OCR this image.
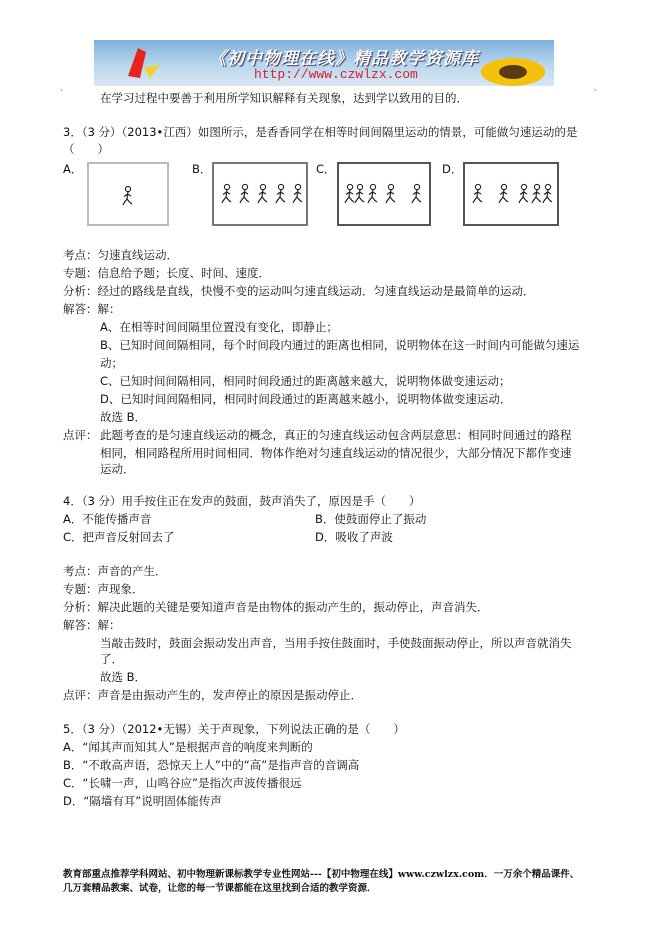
《初中物理在线》精品教学资源库
http://www.czwlzx.com
·	·
在学习过程中要善于利用所学知识解释有关现象，达到学以致用的目的．
3．（3 分）（2013•江西）如图所示，是香香同学在相等时间间隔里运动的情景，可能做匀速运动的是
（　　）
A．	B．	C．	D．
考点：匀速直线运动．
专题：信息给予题；长度、时间、速度．
分析：经过的路线是直线，快慢不变的运动叫匀速直线运动．匀速直线运动是最简单的运动．
解答：解：
A、在相等时间间隔里位置没有变化，即静止；
B、已知时间间隔相同，每个时间段内通过的距离也相同，说明物体在这一时间内可能做匀速运
动；
C、已知时间间隔相同，相同时间段通过的距离越来越大，说明物体做变速运动；
D、已知时间间隔相同，相同时间段通过的距离越来越小，说明物体做变速运动．
故选 B．
点评： 此题考查的是匀速直线运动的概念，真正的匀速直线运动包含两层意思：相同时间通过的路程
相同，相同路程所用时间相同．物体作绝对匀速直线运动的情况很少，大部分情况下都作变速
运动．
4．（3 分）用手按住正在发声的鼓面，鼓声消失了，原因是手（　　）
A．不能传播声音	B．使鼓面停止了振动
C．把声音反射回去了	D．吸收了声波
考点：声音的产生．
专题：声现象．
分析：解决此题的关键是要知道声音是由物体的振动产生的，振动停止，声音消失．
解答：解：
当敲击鼓时，鼓面会振动发出声音，当用手按住鼓面时，手使鼓面振动停止，所以声音就消失
了．
故选 B．
点评：声音是由振动产生的，发声停止的原因是振动停止．
5．（3 分）（2012•无锡）关于声现象，下列说法正确的是（　　）
A．“闻其声而知其人”是根据声音的响度来判断的
B．“不敢高声语，恐惊天上人”中的“高”是指声音的音调高
C．“长啸一声，山鸣谷应”是指次声波传播很远
D．“隔墙有耳”说明固体能传声
教育部重点推荐学科网站、初中物理新课标教学专业性网站---【初中物理在线】www.czwlzx.com．一万余个精品课件、
几万套精品教案、试卷，让您的每一节课都能在这里找到合适的教学资源．
